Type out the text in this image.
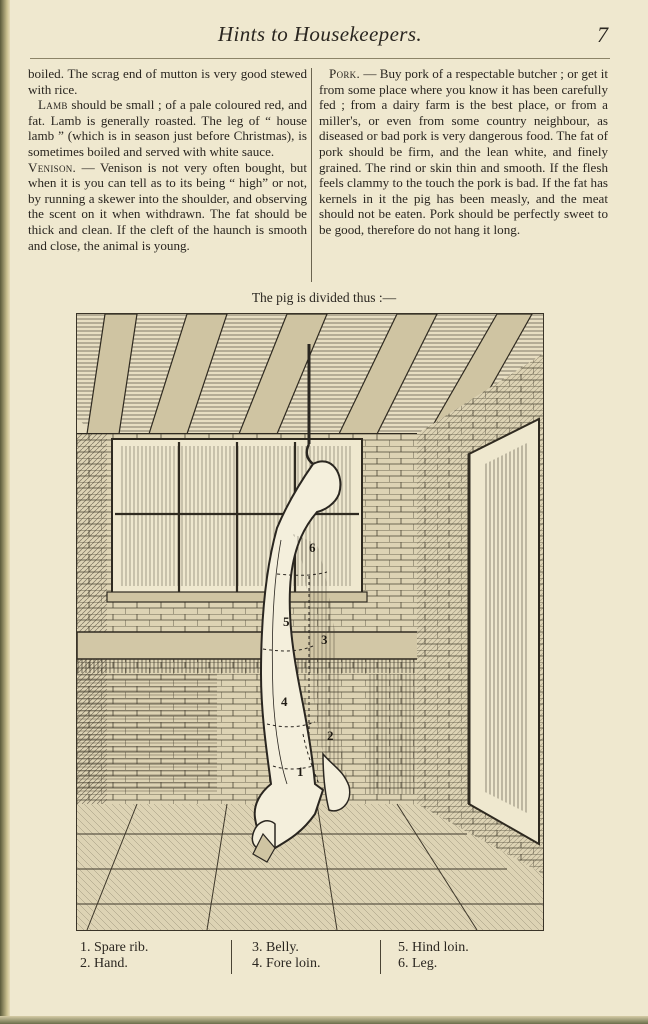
Hints to Housekeepers.	7

boiled. The scrag end of mutton is very good stewed with rice.

Lamb should be small ; of a pale coloured red, and fat. Lamb is generally roasted. The leg of “ house lamb ” (which is in season just before Christmas), is sometimes boiled and served with white sauce.

Venison. — Venison is not very often bought, but when it is you can tell as to its being “ high” or not, by running a skewer into the shoulder, and observing the scent on it when withdrawn. The fat should be thick and clean. If the cleft of the haunch is smooth and close, the animal is young.

Pork. — Buy pork of a respectable butcher ; or get it from some place where you know it has been carefully fed ; from a dairy farm is the best place, or from a miller's, or even from some country neighbour, as diseased or bad pork is very dangerous food. The fat of pork should be firm, and the lean white, and finely grained. The rind or skin thin and smooth. If the flesh feels clammy to the touch the pork is bad. If the fat has kernels in it the pig has been measly, and the meat should not be eaten. Pork should be perfectly sweet to be good, therefore do not hang it long.

The pig is divided thus :—
6
5
3
4
2
1
1. Spare rib.
2. Hand.
3. Belly.
4. Fore loin.
5. Hind loin.
6. Leg.
